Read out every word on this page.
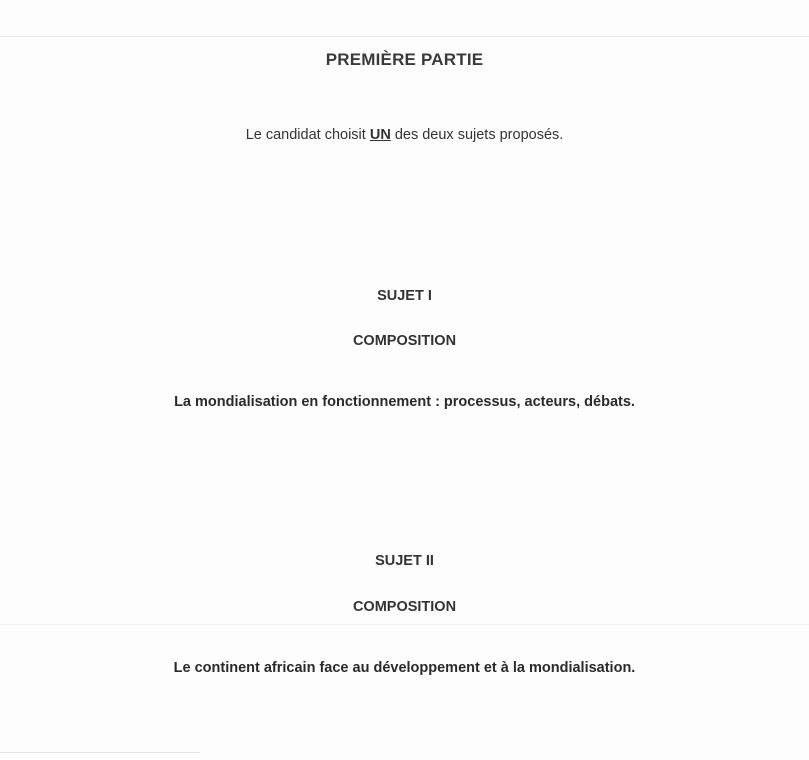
PREMIÈRE PARTIE
Le candidat choisit UN des deux sujets proposés.
SUJET I
COMPOSITION
La mondialisation en fonctionnement : processus, acteurs, débats.
SUJET II
COMPOSITION
Le continent africain face au développement et à la mondialisation.
